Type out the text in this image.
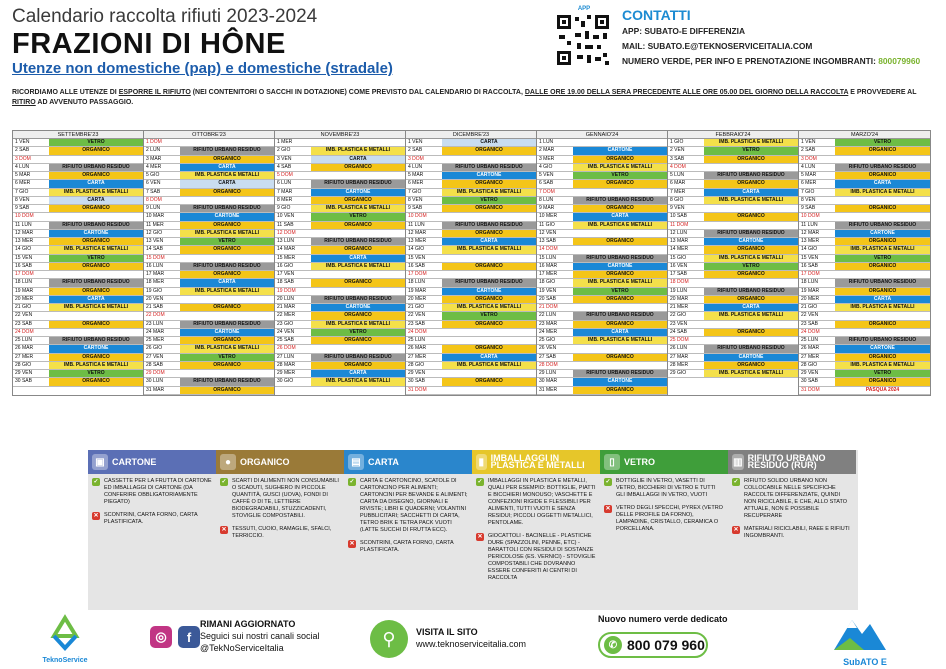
Calendario raccolta rifiuti 2023-2024
FRAZIONI DI HÔNE
Utenze non domestiche (pap) e domestiche (stradale)
APP	CONTATTI
APP: SUBATO-E DIFFERENZIA
MAIL: SUBATO.E@TEKNOSERVICEITALIA.COM
NUMERO VERDE, PER INFO E PRENOTAZIONE INGOMBRANTI: 800079960
RICORDIAMO ALLE UTENZE DI ESPORRE IL RIFIUTO (NEI CONTENITORI O SACCHI IN DOTAZIONE) COME PREVISTO DAL CALENDARIO DI RACCOLTA, DALLE ORE 19.00 DELLA SERA PRECEDENTE ALLE ORE 05.00 DEL GIORNO DELLA RACCOLTA E PROVVEDERE AL RITIRO AD AVVENUTO PASSAGGIO.
SETTEMBRE'23
1 VEN	VETRO
2 SAB	ORGANICO
3 DOM
4 LUN	RIFIUTO URBANO RESIDUO
5 MAR	ORGANICO
6 MER	CARTA
7 GIO	IMB. PLASTICA E METALLI
8 VEN	CARTA
9 SAB	ORGANICO
10 DOM
11 LUN	RIFIUTO URBANO RESIDUO
12 MAR	CARTONE
13 MER	ORGANICO
14 GIO	IMB. PLASTICA E METALLI
15 VEN	VETRO
16 SAB	ORGANICO
17 DOM
18 LUN	RIFIUTO URBANO RESIDUO
19 MAR	ORGANICO
20 MER	CARTA
21 GIO	IMB. PLASTICA E METALLI
22 VEN
23 SAB	ORGANICO
24 DOM
25 LUN	RIFIUTO URBANO RESIDUO
26 MAR	CARTONE
27 MER	ORGANICO
28 GIO	IMB. PLASTICA E METALLI
29 VEN	VETRO
30 SAB	ORGANICO
OTTOBRE'23
1 DOM
2 LUN	RIFIUTO URBANO RESIDUO
3 MAR	ORGANICO
4 MER	CARTA
5 GIO	IMB. PLASTICA E METALLI
6 VEN	CARTA
7 SAB	ORGANICO
8 DOM
9 LUN	RIFIUTO URBANO RESIDUO
10 MAR	CARTONE
11 MER	ORGANICO
12 GIO	IMB. PLASTICA E METALLI
13 VEN	VETRO
14 SAB	ORGANICO
15 DOM
16 LUN	RIFIUTO URBANO RESIDUO
17 MAR	ORGANICO
18 MER	CARTA
19 GIO	IMB. PLASTICA E METALLI
20 VEN
21 SAB	ORGANICO
22 DOM
23 LUN	RIFIUTO URBANO RESIDUO
24 MAR	CARTONE
25 MER	ORGANICO
26 GIO	IMB. PLASTICA E METALLI
27 VEN	VETRO
28 SAB	ORGANICO
29 DOM
30 LUN	RIFIUTO URBANO RESIDUO
31 MAR	ORGANICO
NOVEMBRE'23
1 MER
2 GIO	IMB. PLASTICA E METALLI
3 VEN	CARTA
4 SAB	ORGANICO
5 DOM
6 LUN	RIFIUTO URBANO RESIDUO
7 MAR	CARTONE
8 MER	ORGANICO
9 GIO	IMB. PLASTICA E METALLI
10 VEN	VETRO
11 SAB	ORGANICO
12 DOM
13 LUN	RIFIUTO URBANO RESIDUO
14 MAR	ORGANICO
15 MER	CARTA
16 GIO	IMB. PLASTICA E METALLI
17 VEN
18 SAB	ORGANICO
19 DOM
20 LUN	RIFIUTO URBANO RESIDUO
21 MAR	CARTONE
22 MER	ORGANICO
23 GIO	IMB. PLASTICA E METALLI
24 VEN	VETRO
25 SAB	ORGANICO
26 DOM
27 LUN	RIFIUTO URBANO RESIDUO
28 MAR	ORGANICO
29 MER	CARTA
30 GIO	IMB. PLASTICA E METALLI
DICEMBRE'23
1 VEN	CARTA
2 SAB	ORGANICO
3 DOM
4 LUN	RIFIUTO URBANO RESIDUO
5 MAR	CARTONE
6 MER	ORGANICO
7 GIO	IMB. PLASTICA E METALLI
8 VEN	VETRO
9 SAB	ORGANICO
10 DOM
11 LUN	RIFIUTO URBANO RESIDUO
12 MAR	ORGANICO
13 MER	CARTA
14 GIO	IMB. PLASTICA E METALLI
15 VEN
16 SAB	ORGANICO
17 DOM
18 LUN	RIFIUTO URBANO RESIDUO
19 MAR	CARTONE
20 MER	ORGANICO
21 GIO	IMB. PLASTICA E METALLI
22 VEN	VETRO
23 SAB	ORGANICO
24 DOM
25 LUN
26 MAR	ORGANICO
27 MER	CARTA
28 GIO	IMB. PLASTICA E METALLI
29 VEN
30 SAB	ORGANICO
31 DOM
GENNAIO'24
1 LUN
2 MAR	CARTONE
3 MER	ORGANICO
4 GIO	IMB. PLASTICA E METALLI
5 VEN	VETRO
6 SAB	ORGANICO
7 DOM
8 LUN	RIFIUTO URBANO RESIDUO
9 MAR	ORGANICO
10 MER	CARTA
11 GIO	IMB. PLASTICA E METALLI
12 VEN
13 SAB	ORGANICO
14 DOM
15 LUN	RIFIUTO URBANO RESIDUO
16 MAR	CARTONE
17 MER	ORGANICO
18 GIO	IMB. PLASTICA E METALLI
19 VEN	VETRO
20 SAB	ORGANICO
21 DOM
22 LUN	RIFIUTO URBANO RESIDUO
23 MAR	ORGANICO
24 MER	CARTA
25 GIO	IMB. PLASTICA E METALLI
26 VEN
27 SAB	ORGANICO
28 DOM
29 LUN	RIFIUTO URBANO RESIDUO
30 MAR	CARTONE
31 MER	ORGANICO
FEBBRAIO'24
1 GIO	IMB. PLASTICA E METALLI
2 VEN	VETRO
3 SAB	ORGANICO
4 DOM
5 LUN	RIFIUTO URBANO RESIDUO
6 MAR	ORGANICO
7 MER	CARTA
8 GIO	IMB. PLASTICA E METALLI
9 VEN
10 SAB	ORGANICO
11 DOM
12 LUN	RIFIUTO URBANO RESIDUO
13 MAR	CARTONE
14 MER	ORGANICO
15 GIO	IMB. PLASTICA E METALLI
16 VEN	VETRO
17 SAB	ORGANICO
18 DOM
19 LUN	RIFIUTO URBANO RESIDUO
20 MAR	ORGANICO
21 MER	CARTA
22 GIO	IMB. PLASTICA E METALLI
23 VEN
24 SAB	ORGANICO
25 DOM
26 LUN	RIFIUTO URBANO RESIDUO
27 MAR	CARTONE
28 MER	ORGANICO
29 GIO	IMB. PLASTICA E METALLI
MARZO'24
1 VEN	VETRO
2 SAB	ORGANICO
3 DOM
4 LUN	RIFIUTO URBANO RESIDUO
5 MAR	ORGANICO
6 MER	CARTA
7 GIO	IMB. PLASTICA E METALLI
8 VEN
9 SAB	ORGANICO
10 DOM
11 LUN	RIFIUTO URBANO RESIDUO
12 MAR	CARTONE
13 MER	ORGANICO
14 GIO	IMB. PLASTICA E METALLI
15 VEN	VETRO
16 SAB	ORGANICO
17 DOM
18 LUN	RIFIUTO URBANO RESIDUO
19 MAR	ORGANICO
20 MER	CARTA
21 GIO	IMB. PLASTICA E METALLI
22 VEN
23 SAB	ORGANICO
24 DOM
25 LUN	RIFIUTO URBANO RESIDUO
26 MAR	CARTONE
27 MER	ORGANICO
28 GIO	IMB. PLASTICA E METALLI
29 VEN	VETRO
30 SAB	ORGANICO
31 DOM	PASQUA 2024
▣ CARTONE
✓ CASSETTE PER LA FRUTTA DI CARTONE ED IMBALLAGGI DI CARTONE (DA CONFERIRE OBBLIGATORIAMENTE PIEGATO)
✕ SCONTRINI, CARTA FORNO, CARTA PLASTIFICATA.
● ORGANICO
✓ SCARTI DI ALIMENTI NON CONSUMABILI O SCADUTI, SUGHERO IN PICCOLE QUANTITÀ, GUSCI (UOVA), FONDI DI CAFFÈ O DI TE, LETTIERE BIODEGRADABILI, STUZZICADENTI, STOVIGLIE COMPOSTABILI.
✕ TESSUTI, CUOIO, RAMAGLIE, SFALCI, TERRICCIO.
▤ CARTA
✓ CARTA E CARTONCINO, SCATOLE DI CARTONCINO PER ALIMENTI; CARTONCINI PER BEVANDE E ALIMENTI; CARTA DA DISEGNO, GIORNALI E RIVISTE; LIBRI E QUADERNI; VOLANTINI PUBBLICITARI; SACCHETTI DI CARTA, TETRO BRIK E TETRA PACK VUOTI (LATTE SUCCHI DI FRUTTA ECC).
✕ SCONTRINI, CARTA FORNO, CARTA PLASTIFICATA.
▮ IMBALLAGGI IN PLASTICA E METALLI
✓ IMBALLAGGI IN PLASTICA E METALLI, QUALI PER ESEMPIO: BOTTIGLIE, PIATTI E BICCHIERI MONOUSO; VASCHETTE E CONFEZIONI RIGIDE E FLESSIBILI PER ALIMENTI, TUTTI VUOTI E SENZA RESIDUI; PICCOLI OGGETTI METALLICI, PENTOLAME.
✕ GIOCATTOLI - BACINELLE - PLASTICHE DURE (SPAZZOLINI, PENNE, ETC) - BARATTOLI CON RESIDUI DI SOSTANZE PERICOLOSE (ES. VERNICI) - STOVIGLIE COMPOSTABILI CHE DOVRANNO ESSERE CONFERITI AI CENTRI DI RACCOLTA
▯	VETRO
✓ BOTTIGLIE IN VETRO, VASETTI DI VETRO, BICCHIERI DI VETRO E TUTTI GLI IMBALLAGGI IN VETRO, VUOTI
✕ VETRO DEGLI SPECCHI, PYREX (VETRO DELLE PIROFILE DA FORNO), LAMPADINE, CRISTALLO, CERAMICA O PORCELLANA.
▥ RIFIUTO URBANO RESIDUO (RUR)
✓ RIFIUTO SOLIDO URBANO NON COLLOCABILE NELLE SPECIFICHE RACCOLTE DIFFERENZIATE, QUINDI NON RICICLABILE, E CHE, ALLO STATO ATTUALE, NON È POSSIBILE RECUPERARE
✕ MATERIALI RICICLABILI, RAEE E RIFIUTI INGOMBRANTI.
TeknoService
◎	f
RIMANI AGGIORNATO
Seguici sui nostri canali social
@TekNoServiceItalia	⚲	VISITA IL SITO
www.teknoserviceitalia.com
Nuovo numero verde dedicato
✆ 800 079 960
SubATO E
